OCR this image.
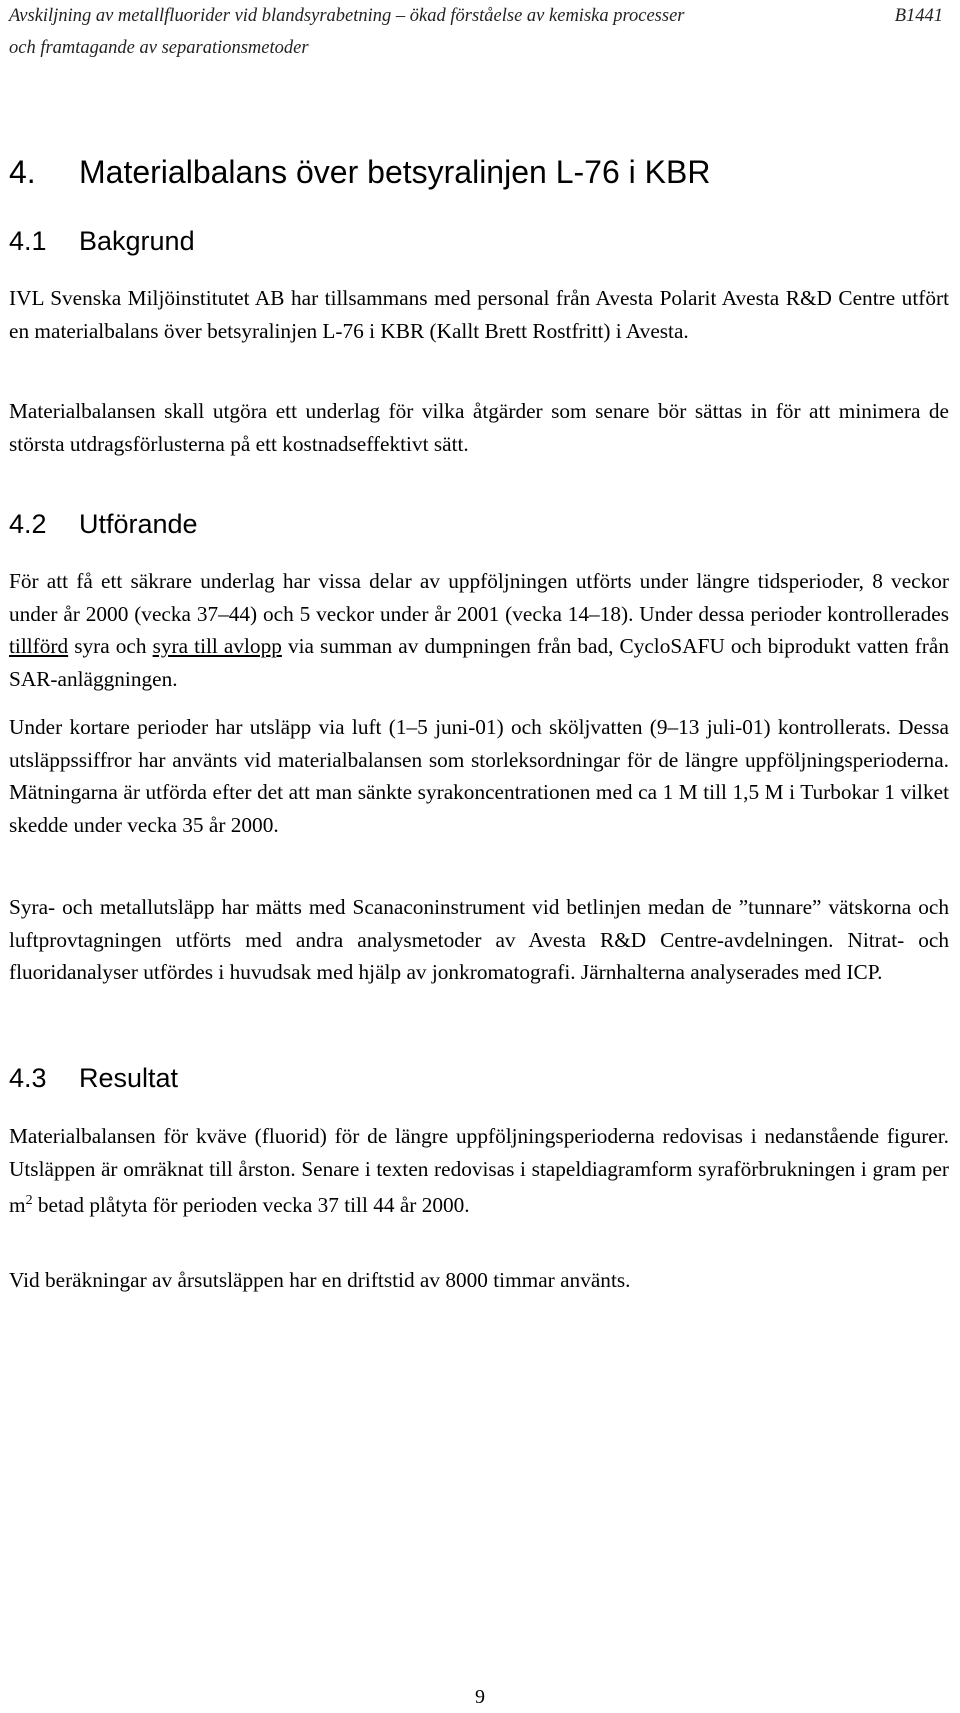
Avskiljning av metallfluorider vid blandsyrabetning – ökad förståelse av kemiska processer
och framtagande av separationsmetoder
B1441
4. Materialbalans över betsyralinjen L-76 i KBR
4.1 Bakgrund

IVL Svenska Miljöinstitutet AB har tillsammans med personal från Avesta Polarit Avesta R&D Centre utfört en materialbalans över betsyralinjen L-76 i KBR (Kallt Brett Rostfritt) i Avesta.

Materialbalansen skall utgöra ett underlag för vilka åtgärder som senare bör sättas in för att minimera de största utdragsförlusterna på ett kostnadseffektivt sätt.

4.2 Utförande

För att få ett säkrare underlag har vissa delar av uppföljningen utförts under längre tidsperioder, 8 veckor under år 2000 (vecka 37–44) och 5 veckor under år 2001 (vecka 14–18). Under dessa perioder kontrollerades tillförd syra och syra till avlopp via summan av dumpningen från bad, CycloSAFU och biprodukt vatten från SAR-anläggningen.

Under kortare perioder har utsläpp via luft (1–5 juni-01) och sköljvatten (9–13 juli-01) kontrollerats. Dessa utsläppssiffror har använts vid materialbalansen som storleksordningar för de längre uppföljningsperioderna. Mätningarna är utförda efter det att man sänkte syrakoncentrationen med ca 1 M till 1,5 M i Turbokar 1 vilket skedde under vecka 35 år 2000.

Syra- och metallutsläpp har mätts med Scanaconinstrument vid betlinjen medan de ”tunnare” vätskorna och luftprovtagningen utförts med andra analysmetoder av Avesta R&D Centre-avdelningen. Nitrat- och fluoridanalyser utfördes i huvudsak med hjälp av jonkromatografi. Järnhalterna analyserades med ICP.

4.3 Resultat

Materialbalansen för kväve (fluorid) för de längre uppföljningsperioderna redovisas i nedanstående figurer. Utsläppen är omräknat till årston. Senare i texten redovisas i stapeldiagramform syraförbrukningen i gram per $m^2$ betad plåtyta för perioden vecka 37 till 44 år 2000.

Vid beräkningar av årsutsläppen har en driftstid av 8000 timmar använts.

9
